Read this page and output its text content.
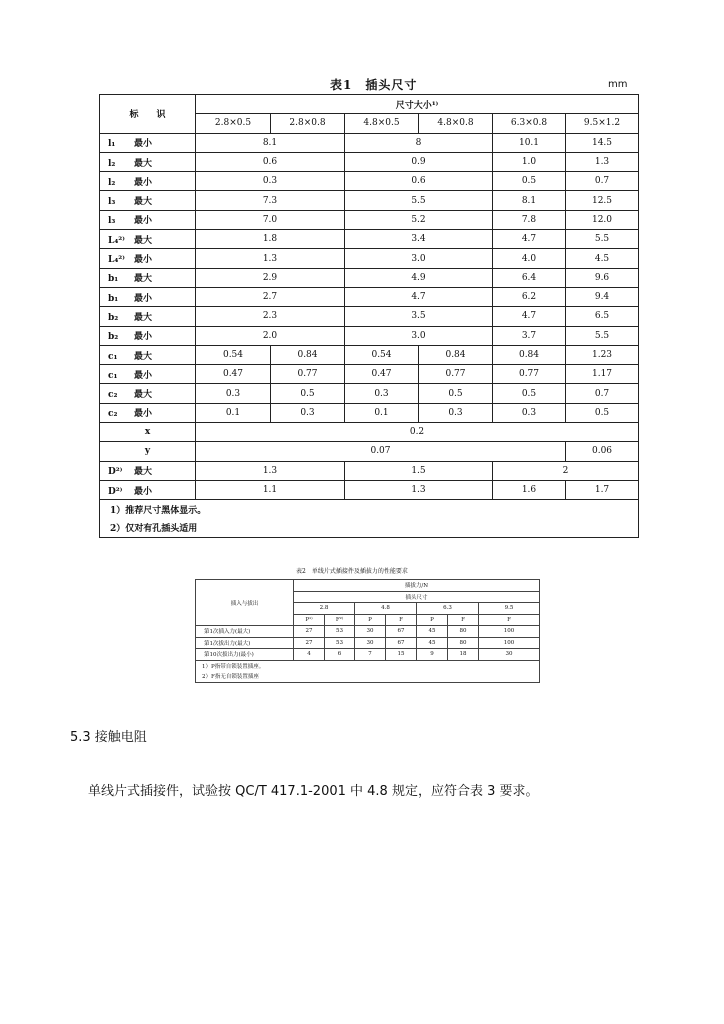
表1　插头尺寸	mm
标　　识	尺寸大小¹⁾					
	2.8×0.5	2.8×0.8	4.8×0.5	4.8×0.8	6.3×0.8	9.5×1.2
l₁ 最小	8.1		8		10.1	14.5
l₂ 最大	0.6		0.9		1.0	1.3
l₂ 最小	0.3		0.6		0.5	0.7
l₃ 最大	7.3		5.5		8.1	12.5
l₃ 最小	7.0		5.2		7.8	12.0
L₄²⁾ 最大	1.8		3.4		4.7	5.5
L₄²⁾ 最小	1.3		3.0		4.0	4.5
b₁ 最大	2.9		4.9		6.4	9.6
b₁ 最小	2.7		4.7		6.2	9.4
b₂ 最大	2.3		3.5		4.7	6.5
b₂ 最小	2.0		3.0		3.7	5.5
c₁ 最大	0.54	0.84	0.54	0.84	0.84	1.23
c₁ 最小	0.47	0.77	0.47	0.77	0.77	1.17
c₂ 最大	0.3	0.5	0.3	0.5	0.5	0.7
c₂ 最小	0.1	0.3	0.1	0.3	0.3	0.5
x	0.2					
y	0.07					0.06
D²⁾ 最大	1.3		1.5		2	
D²⁾ 最小	1.1		1.3		1.6	1.7
1）推荐尺寸黑体显示。						
2）仅对有孔插头适用						
表2　单线片式插接件及插拔力的性能要求
插入与拔出	插拔力/N						
	插头尺寸						
	2.8		4.8		6.3		9.5
	P¹⁾	F²⁾	P	F	P	F	F
第1次插入力(最大)	27	53	30	67	45	80	100
第1次拔出力(最大)	27	53	30	67	45	80	100
第10次拔出力(最小)	4	6	7	15	9	18	30
1）P指带自锁装置插座。							
2）F指无自锁装置插座							
5.3 接触电阻
单线片式插接件，试验按 QC/T 417.1-2001 中 4.8 规定，应符合表 3 要求。
